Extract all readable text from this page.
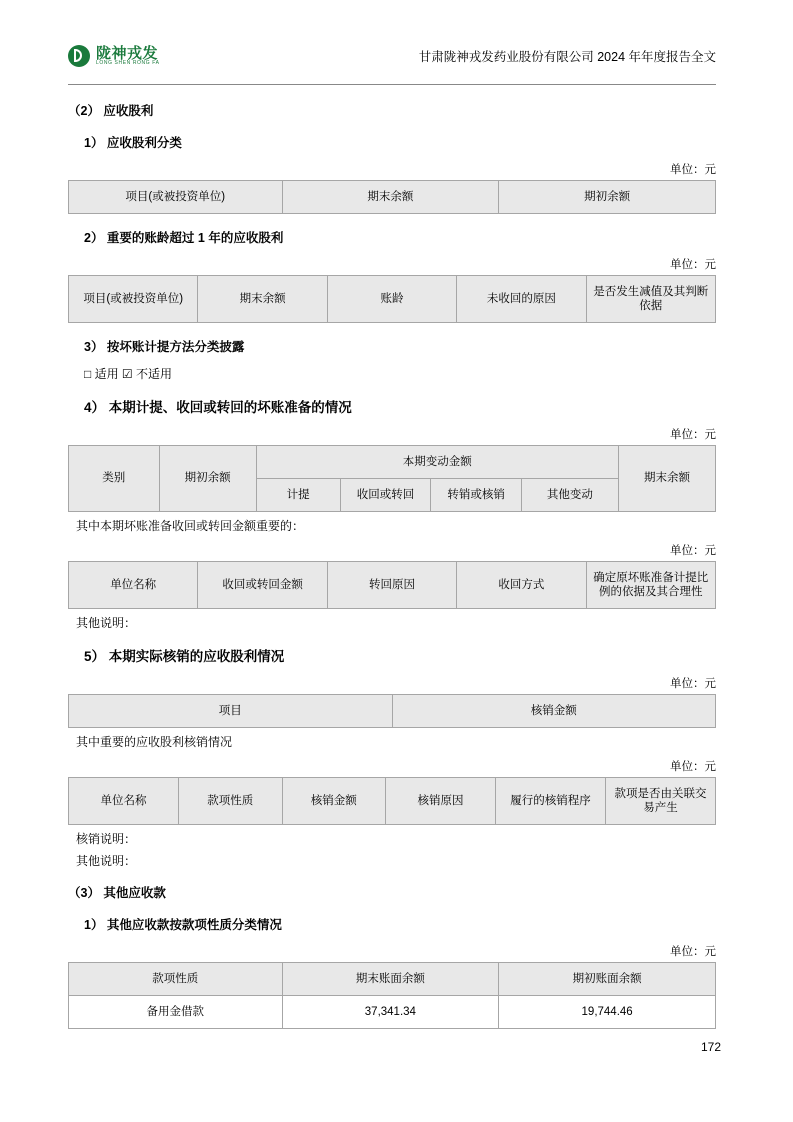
陇神戎发
LONG SHEN RONG FA	甘肃陇神戎发药业股份有限公司 2024 年年度报告全文
（2） 应收股利
1） 应收股利分类
单位：元
项目(或被投资单位)	期末余额	期初余额
2） 重要的账龄超过 1 年的应收股利
单位：元
项目(或被投资单位)	期末余额	账龄	未收回的原因	是否发生减值及其判断依据
3） 按坏账计提方法分类披露
□ 适用 ☑ 不适用
4） 本期计提、收回或转回的坏账准备的情况
单位：元
类别	期初余额	本期变动金额				期末余额
		计提	收回或转回	转销或核销	其他变动	
其中本期坏账准备收回或转回金额重要的：
单位：元
单位名称	收回或转回金额	转回原因	收回方式	确定原坏账准备计提比例的依据及其合理性
其他说明：
5） 本期实际核销的应收股利情况
单位：元
项目	核销金额
其中重要的应收股利核销情况
单位：元
单位名称	款项性质	核销金额	核销原因	履行的核销程序	款项是否由关联交易产生
核销说明：
其他说明：
（3） 其他应收款
1） 其他应收款按款项性质分类情况
单位：元
款项性质	期末账面余额	期初账面余额
备用金借款	37,341.34	19,744.46
172
